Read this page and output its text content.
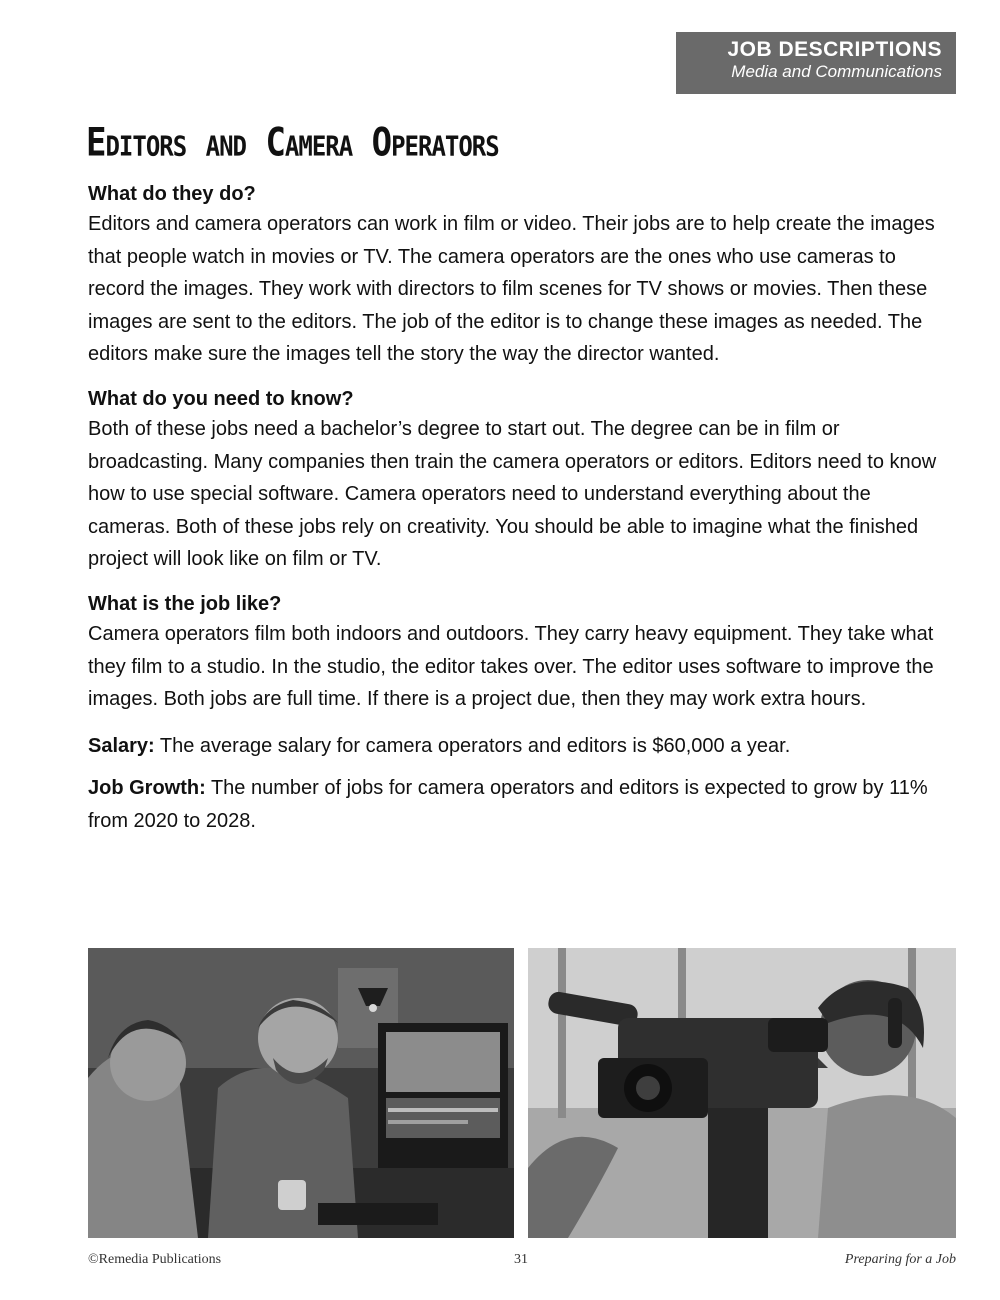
JOB DESCRIPTIONS
Media and Communications
Editors and Camera Operators
What do they do?

Editors and camera operators can work in film or video. Their jobs are to help create the images that people watch in movies or TV. The camera operators are the ones who use cameras to record the images. They work with directors to film scenes for TV shows or movies. Then these images are sent to the editors. The job of the editor is to change these images as needed. The editors make sure the images tell the story the way the director wanted.

What do you need to know?

Both of these jobs need a bachelor’s degree to start out. The degree can be in film or broadcasting. Many companies then train the camera operators or editors. Editors need to know how to use special software. Camera operators need to understand everything about the cameras. Both of these jobs rely on creativity. You should be able to imagine what the finished project will look like on film or TV.

What is the job like?

Camera operators film both indoors and outdoors. They carry heavy equipment. They take what they film to a studio. In the studio, the editor takes over. The editor uses software to improve the images. Both jobs are full time. If there is a project due, then they may work extra hours.

Salary: The average salary for camera operators and editors is $60,000 a year.

Job Growth: The number of jobs for camera operators and editors is expected to grow by 11% from 2020 to 2028.

©Remedia Publications	31	Preparing for a Job
